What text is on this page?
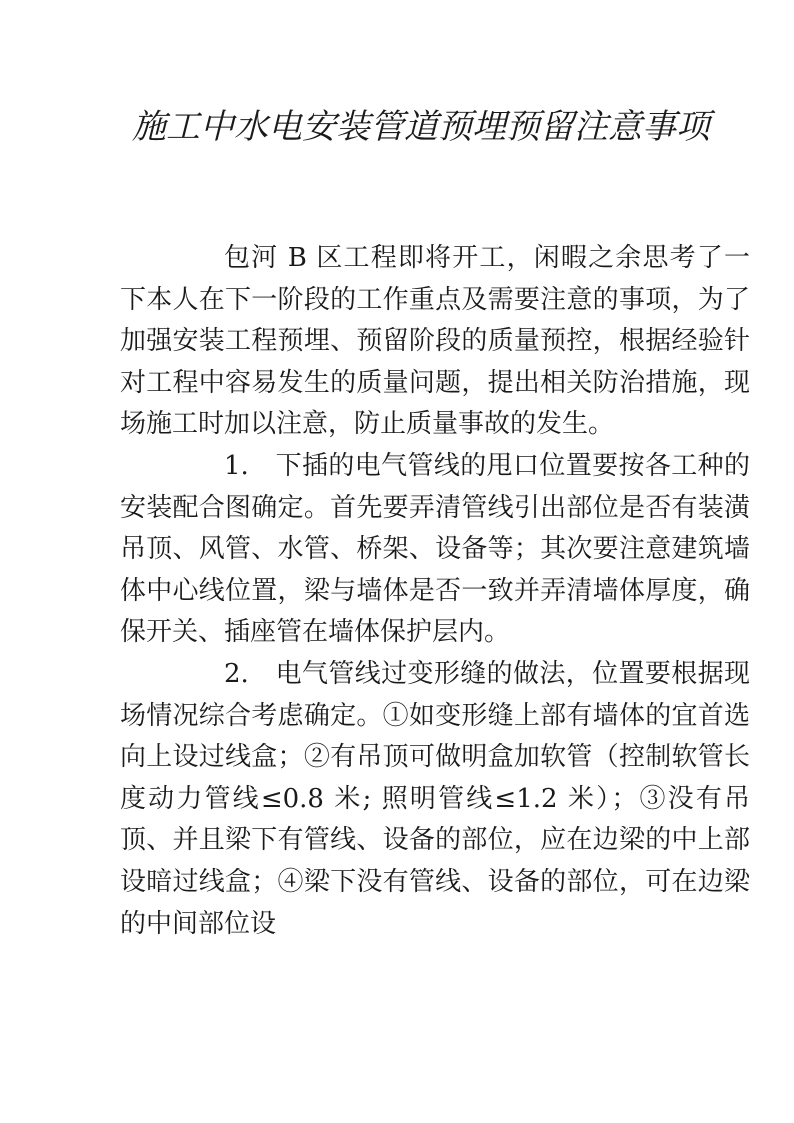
施工中水电安装管道预埋预留注意事项

包河 B 区工程即将开工，闲暇之余思考了一下本人在下一阶段的工作重点及需要注意的事项，为了加强安装工程预埋、预留阶段的质量预控，根据经验针对工程中容易发生的质量问题，提出相关防治措施，现场施工时加以注意，防止质量事故的发生。

1.　下插的电气管线的甩口位置要按各工种的安装配合图确定。首先要弄清管线引出部位是否有装潢吊顶、风管、水管、桥架、设备等；其次要注意建筑墙体中心线位置，梁与墙体是否一致并弄清墙体厚度，确保开关、插座管在墙体保护层内。

2.　电气管线过变形缝的做法，位置要根据现场情况综合考虑确定。①如变形缝上部有墙体的宜首选向上设过线盒；②有吊顶可做明盒加软管（控制软管长度动力管线≤0.8 米; 照明管线≤1.2 米）；③没有吊顶、并且梁下有管线、设备的部位，应在边梁的中上部设暗过线盒；④梁下没有管线、设备的部位，可在边梁的中间部位设
